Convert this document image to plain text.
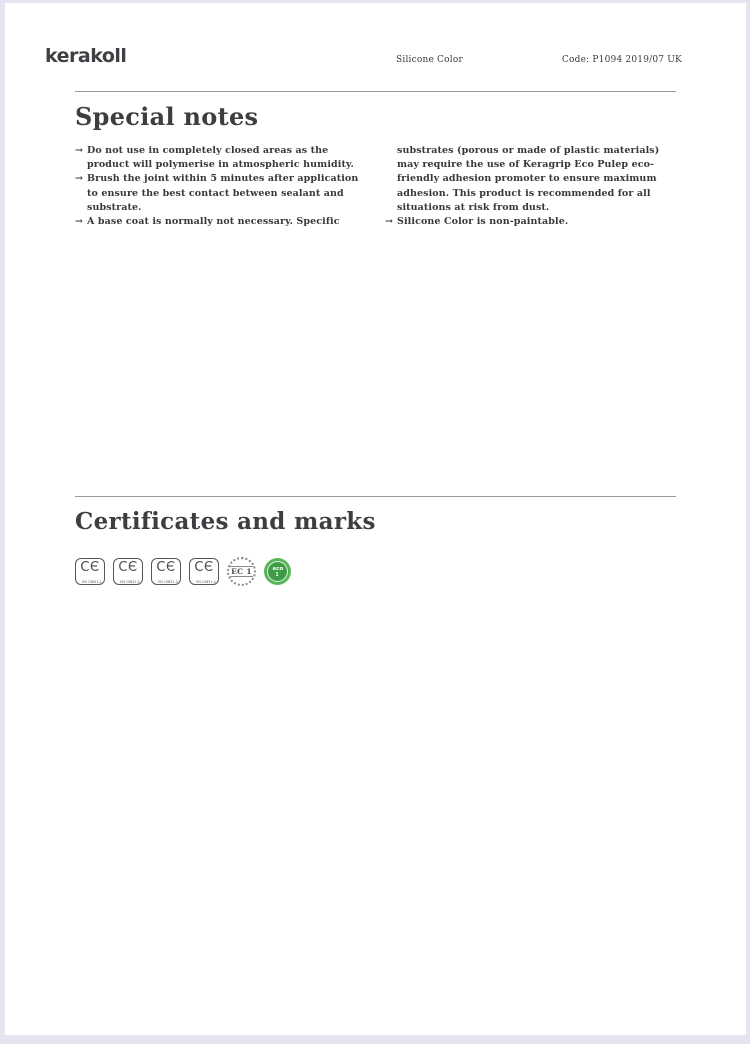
kerakoll	Silicone Color	Code: P1094 2019/07 UK
Special notes
→ Do not use in completely closed areas as the product will polymerise in atmospheric humidity.
→ Brush the joint within 5 minutes after application to ensure the best contact between sealant and substrate.
→ A base coat is normally not necessary. Specific
substrates (porous or made of plastic materials) may require the use of Keragrip Eco Pulep eco-friendly adhesion promoter to ensure maximum adhesion. This product is recommended for all situations at risk from dust.
→ Silicone Color is non-paintable.
Certificates and marks
CЄ
EN 15651-1
CЄ
EN 15651-2
CЄ
EN 15651-3
CЄ
EN 15651-4
EC 1	eco
1
